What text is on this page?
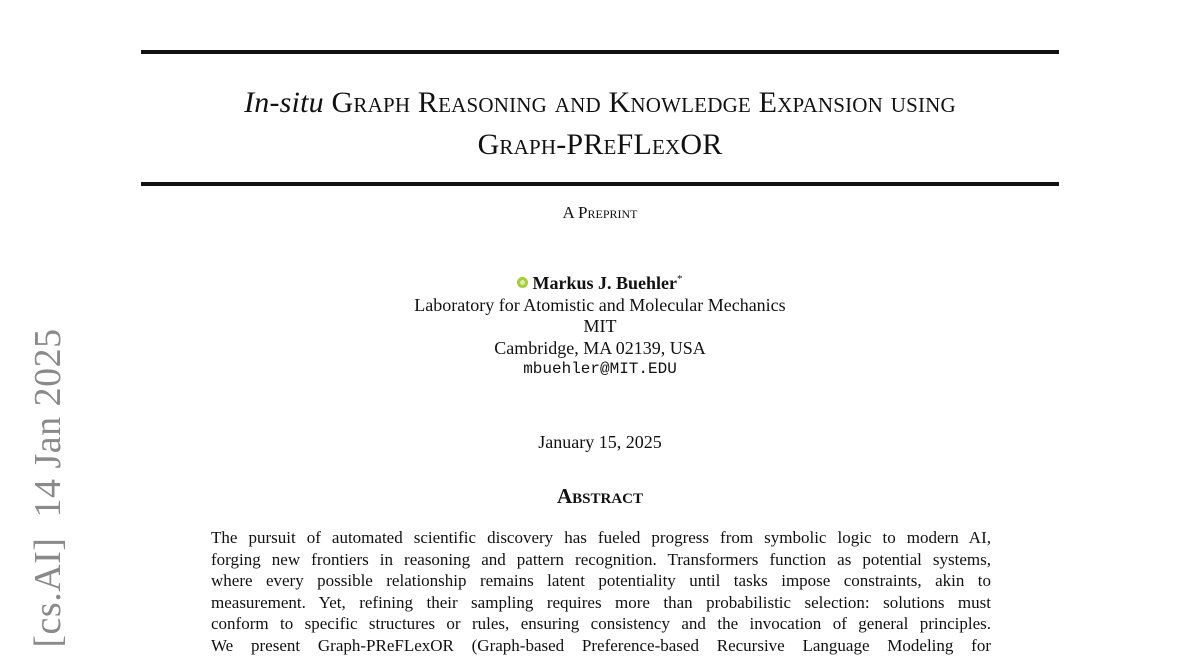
In-situ Graph Reasoning and Knowledge Expansion using
Graph-PReFLexOR
A Preprint
Markus J. Buehler*
Laboratory for Atomistic and Molecular Mechanics
MIT
Cambridge, MA 02139, USA
mbuehler@MIT.EDU
January 15, 2025
Abstract
The pursuit of automated scientific discovery has fueled progress from symbolic logic to modern AI,
forging new frontiers in reasoning and pattern recognition. Transformers function as potential systems,
where every possible relationship remains latent potentiality until tasks impose constraints, akin to
measurement. Yet, refining their sampling requires more than probabilistic selection: solutions must
conform to specific structures or rules, ensuring consistency and the invocation of general principles.
We present Graph-PReFLexOR (Graph-based Preference-based Recursive Language Modeling for
[cs.AI]  14 Jan 2025
